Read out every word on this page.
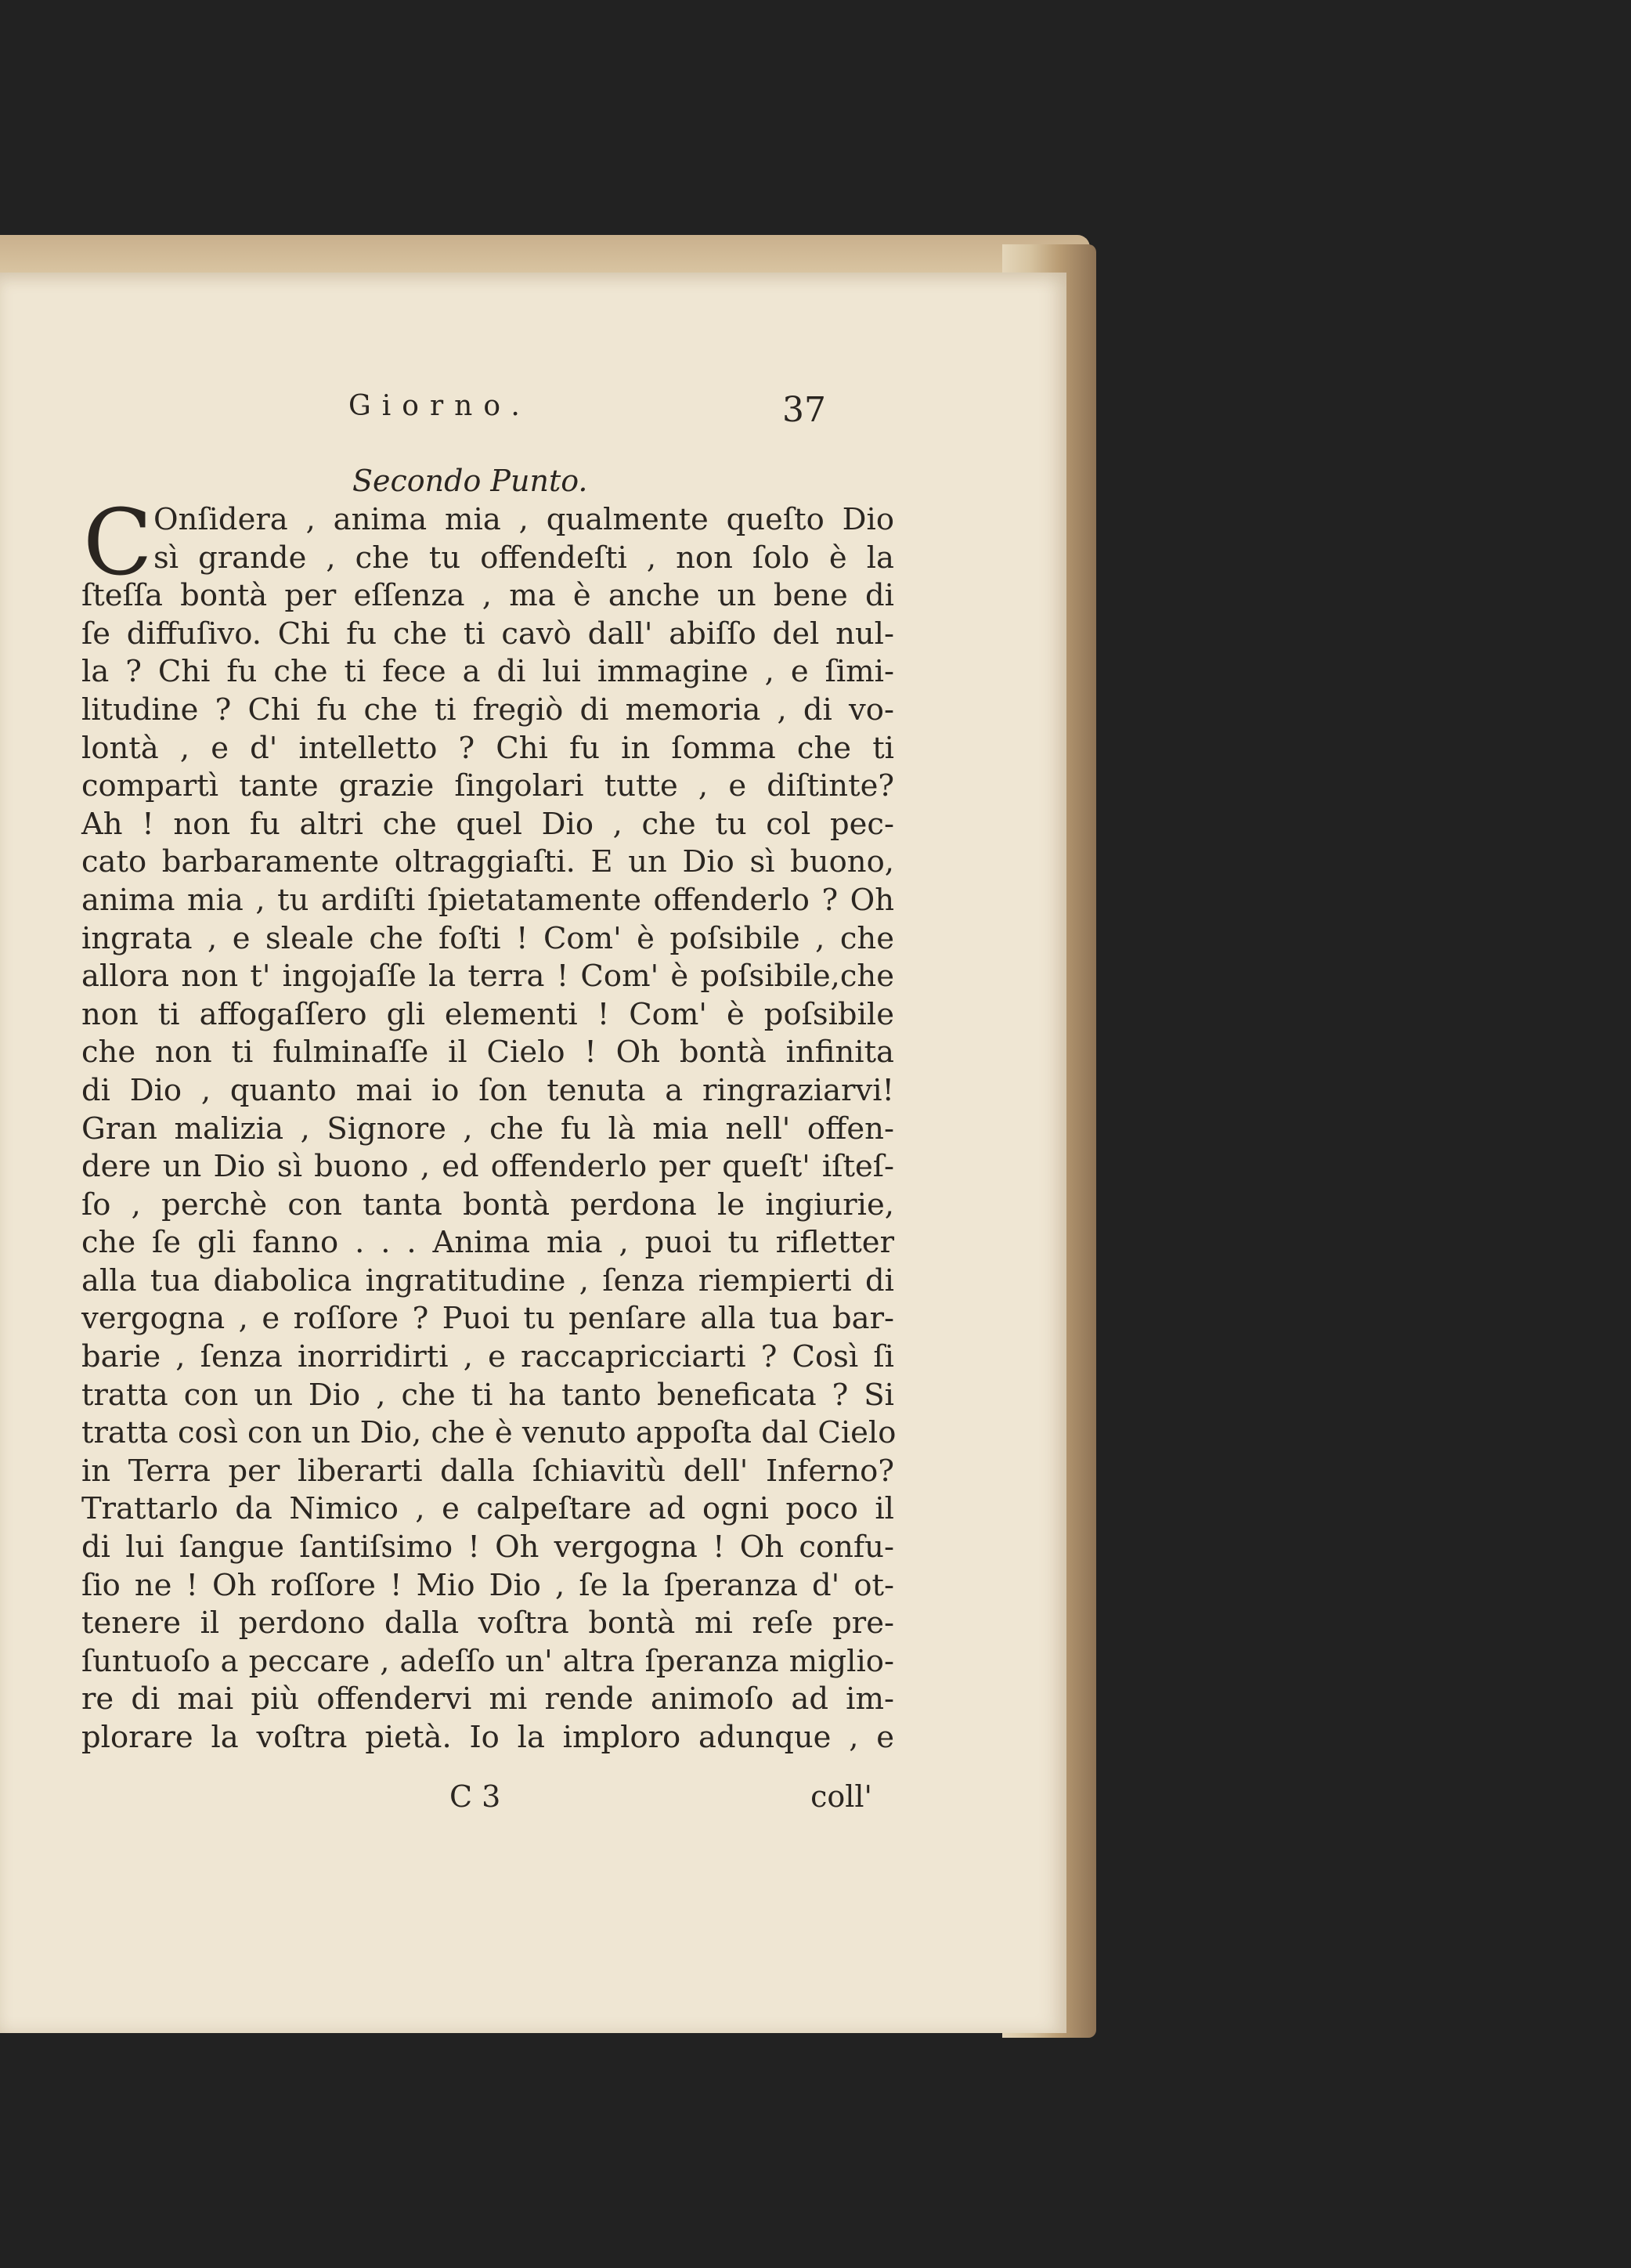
Giorno.	37
Secondo Punto.
C Onſidera , anima mia , qualmente queſto Dio
sì grande , che tu offendeſti , non ſolo è la
ſteſſa bontà per eſſenza , ma è anche un bene di
ſe diffuſivo. Chi fu che ti cavò dall' abiſſo del nul-
la ? Chi fu che ti fece a di lui immagine , e ſimi-
litudine ? Chi fu che ti fregiò di memoria , di vo-
lontà , e d' intelletto ? Chi fu in ſomma che ti
compartì tante grazie ſingolari tutte , e diſtinte?
Ah ! non fu altri che quel Dio , che tu col pec-
cato barbaramente oltraggiaſti. E un Dio sì buono,
anima mia , tu ardiſti ſpietatamente offenderlo ? Oh
ingrata , e sleale che foſti ! Com' è poſsibile , che
allora non t' ingojaſſe la terra ! Com' è poſsibile,che
non ti affogaſſero gli elementi ! Com' è poſsibile
che non ti fulminaſſe il Cielo ! Oh bontà infinita
di Dio , quanto mai io ſon tenuta a ringraziarvi!
Gran malizia , Signore , che fu là mia nell' offen-
dere un Dio sì buono , ed offenderlo per queſt' iſteſ-
ſo , perchè con tanta bontà perdona le ingiurie,
che ſe gli fanno . . . Anima mia , puoi tu rifletter
alla tua diabolica ingratitudine , ſenza riempierti di
vergogna , e roſſore ? Puoi tu penſare alla tua bar-
barie , ſenza inorridirti , e raccapricciarti ? Così ſi
tratta con un Dio , che ti ha tanto beneficata ? Si
tratta così con un Dio, che è venuto appoſta dal Cielo
in Terra per liberarti dalla ſchiavitù dell' Inferno?
Trattarlo da Nimico , e calpeſtare ad ogni poco il
di lui ſangue ſantiſsimo ! Oh vergogna ! Oh confu-
ſio ne ! Oh roſſore ! Mio Dio , ſe la ſperanza d' ot-
tenere il perdono dalla voſtra bontà mi reſe pre-
ſuntuoſo a peccare , adeſſo un' altra ſperanza miglio-
re di mai più offendervi mi rende animoſo ad im-
plorare la voſtra pietà. Io la imploro adunque , e
C 3	coll'
